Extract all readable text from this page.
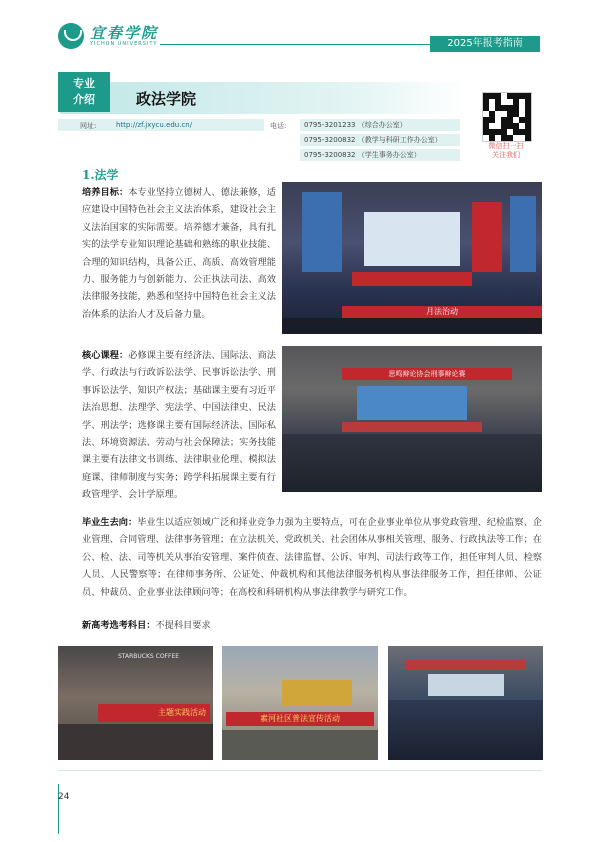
宜春学院
YICHUN UNIVERSITY	2025年报考指南
专业
介绍	政法学院
网址:	http://zf.jxycu.edu.cn/	电话:	0795-3201233 （综合办公室）
0795-3200832 （教学与科研工作办公室）
0795-3200832 （学生事务办公室）
微信扫一扫
关注我们
1.法学
培养目标：本专业坚持立德树人、德法兼修，适应建设中国特色社会主义法治体系，建设社会主义法治国家的实际需要。培养德才兼备，具有扎实的法学专业知识理论基础和熟练的职业技能、合理的知识结构，具备公正、高质、高效管理能力、服务能力与创新能力、公正执法司法、高效法律服务技能，熟悉和坚持中国特色社会主义法治体系的法治人才及后备力量。
核心课程：必修课主要有经济法、国际法、商法学、行政法与行政诉讼法学、民事诉讼法学、刑事诉讼法学、知识产权法；基础课主要有习近平法治思想、法理学、宪法学、中国法律史、民法学、刑法学；选修课主要有国际经济法、国际私法、环境资源法、劳动与社会保障法；实务技能课主要有法律文书训练、法律职业伦理、模拟法庭课、律师制度与实务；跨学科拓展课主要有行政管理学、会计学原理。
毕业生去向：毕业生以适应领域广泛和择业竞争力强为主要特点，可在企业事业单位从事党政管理、纪检监察、企业管理、合同管理、法律事务管理；在立法机关、党政机关、社会团体从事相关管理、服务、行政执法等工作；在公、检、法、司等机关从事治安管理、案件侦查、法律监督、公诉、审判、司法行政等工作，担任审判人员、检察人员、人民警察等；在律师事务所、公证处、仲裁机构和其他法律服务机构从事法律服务工作，担任律师、公证员、仲裁员、企业事业法律顾问等；在高校和科研机构从事法律教学与研究工作。
新高考选考科目：不提科目要求
月法治动
思鸣辩论协会刑事辩论赛
STARBUCKS COFFEE
主题实践活动
素河社区普法宣传活动
24
